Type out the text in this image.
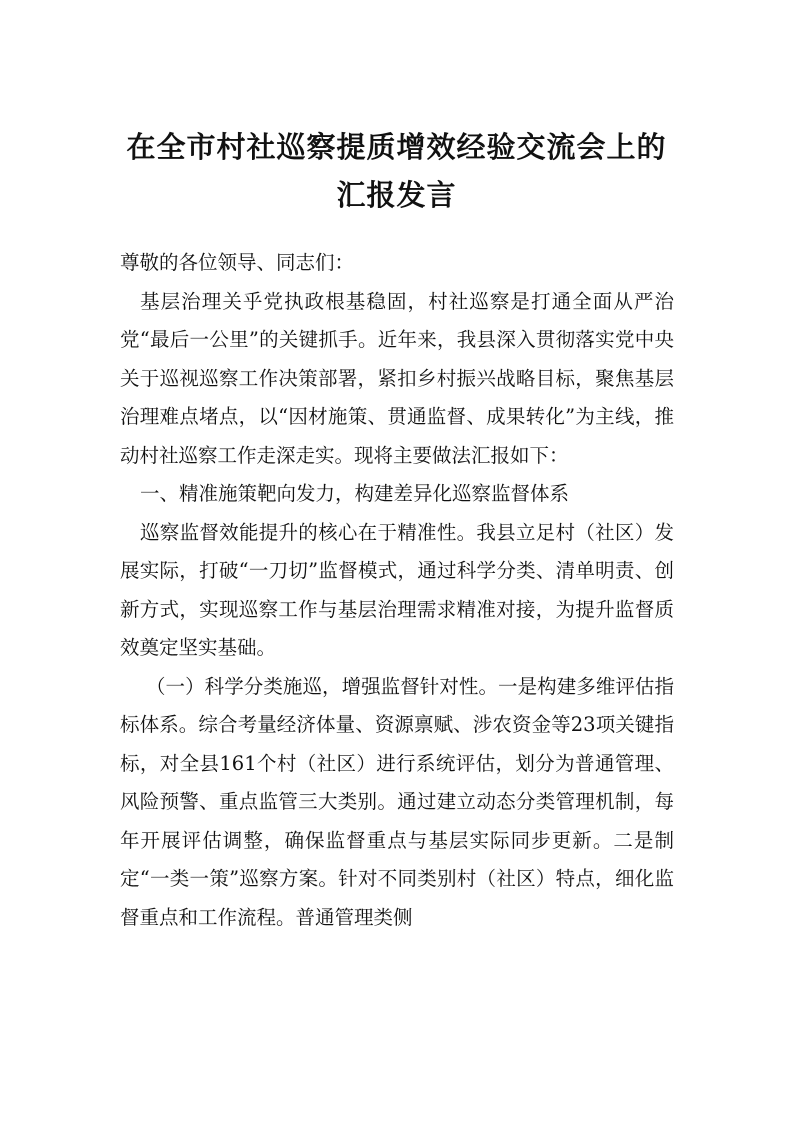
在全市村社巡察提质增效经验交流会上的
汇报发言

尊敬的各位领导、同志们：

基层治理关乎党执政根基稳固，村社巡察是打通全面从严治党“最后一公里”的关键抓手。近年来，我县深入贯彻落实党中央关于巡视巡察工作决策部署，紧扣乡村振兴战略目标，聚焦基层治理难点堵点，以“因材施策、贯通监督、成果转化”为主线，推动村社巡察工作走深走实。现将主要做法汇报如下：

一、精准施策靶向发力，构建差异化巡察监督体系

巡察监督效能提升的核心在于精准性。我县立足村（社区）发展实际，打破“一刀切”监督模式，通过科学分类、清单明责、创新方式，实现巡察工作与基层治理需求精准对接，为提升监督质效奠定坚实基础。

（一）科学分类施巡，增强监督针对性。一是构建多维评估指标体系。综合考量经济体量、资源禀赋、涉农资金等23项关键指标，对全县161个村（社区）进行系统评估，划分为普通管理、风险预警、重点监管三大类别。通过建立动态分类管理机制，每年开展评估调整，确保监督重点与基层实际同步更新。二是制定“一类一策”巡察方案。针对不同类别村（社区）特点，细化监督重点和工作流程。普通管理类侧
